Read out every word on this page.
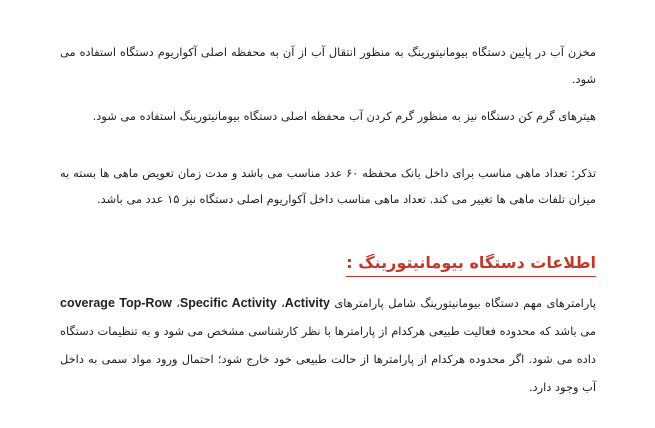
مخزن آب در پایین دستگاه بیومانیتورینگ به منظور انتقال آب از آن به محفظه اصلی آکواریوم دستگاه استفاده می شود.

هیترهای گرم کن دستگاه نیز به منظور گرم کردن آب محفظه اصلی دستگاه بیومانیتورینگ استفاده می شود.

تذکر: تعداد ماهی مناسب برای داخل بانک محفظه ۶۰ عدد مناسب می باشد و مدت زمان تعویض ماهی ها بسته به میزان تلفات ماهی ها تغییر می کند. تعداد ماهی مناسب داخل آکواریوم اصلی دستگاه نیز ۱۵ عدد می باشد.

اطلاعات دستگاه بیومانیتورینگ :

پارامترهای مهم دستگاه بیومانیتورینگ شامل پارامترهای Activity، Specific Activity، Top-Row coverage می باشد که محدوده فعالیت طبیعی هرکدام از پارامترها با نظر کارشناسی مشخص می شود و به تنظیمات دستگاه داده می شود. اگر محدوده هرکدام از پارامترها از حالت طبیعی خود خارج شود؛ احتمال ورود مواد سمی به داخل آب وجود دارد.
